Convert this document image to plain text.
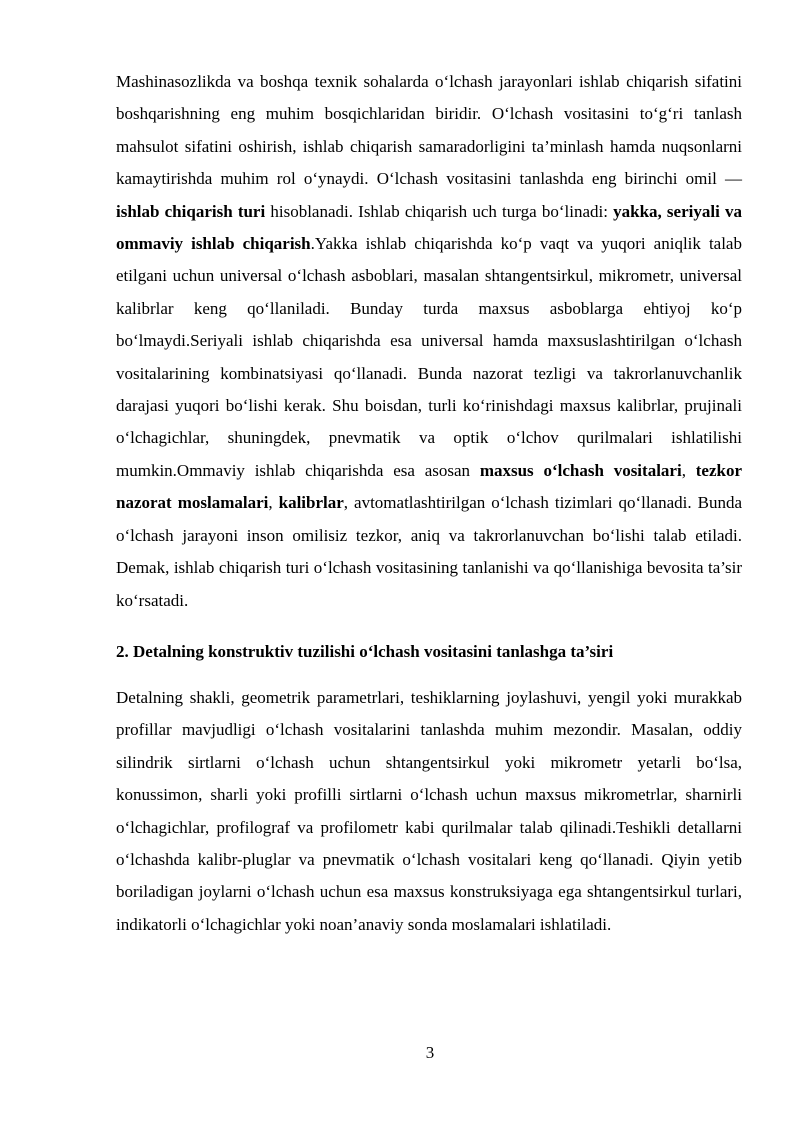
Mashinasozlikda va boshqa texnik sohalarda o‘lchash jarayonlari ishlab chiqarish sifatini boshqarishning eng muhim bosqichlaridan biridir. O‘lchash vositasini to‘g‘ri tanlash mahsulot sifatini oshirish, ishlab chiqarish samaradorligini ta’minlash hamda nuqsonlarni kamaytirishda muhim rol o‘ynaydi. O‘lchash vositasini tanlashda eng birinchi omil — ishlab chiqarish turi hisoblanadi. Ishlab chiqarish uch turga bo‘linadi: yakka, seriyali va ommaviy ishlab chiqarish.Yakka ishlab chiqarishda ko‘p vaqt va yuqori aniqlik talab etilgani uchun universal o‘lchash asboblari, masalan shtangentsirkul, mikrometr, universal kalibrlar keng qo‘llaniladi. Bunday turda maxsus asboblarga ehtiyoj ko‘p bo‘lmaydi.Seriyali ishlab chiqarishda esa universal hamda maxsuslashtirilgan o‘lchash vositalarining kombinatsiyasi qo‘llanadi. Bunda nazorat tezligi va takrorlanuvchanlik darajasi yuqori bo‘lishi kerak. Shu boisdan, turli ko‘rinishdagi maxsus kalibrlar, prujinali o‘lchagichlar, shuningdek, pnevmatik va optik o‘lchov qurilmalari ishlatilishi mumkin.Ommaviy ishlab chiqarishda esa asosan maxsus o‘lchash vositalari, tezkor nazorat moslamalari, kalibrlar, avtomatlashtirilgan o‘lchash tizimlari qo‘llanadi. Bunda o‘lchash jarayoni inson omilisiz tezkor, aniq va takrorlanuvchan bo‘lishi talab etiladi. Demak, ishlab chiqarish turi o‘lchash vositasining tanlanishi va qo‘llanishiga bevosita ta’sir ko‘rsatadi.

2. Detalning konstruktiv tuzilishi o‘lchash vositasini tanlashga ta’siri

Detalning shakli, geometrik parametrlari, teshiklarning joylashuvi, yengil yoki murakkab profillar mavjudligi o‘lchash vositalarini tanlashda muhim mezondir. Masalan, oddiy silindrik sirtlarni o‘lchash uchun shtangentsirkul yoki mikrometr yetarli bo‘lsa, konussimon, sharli yoki profilli sirtlarni o‘lchash uchun maxsus mikrometrlar, sharnirli o‘lchagichlar, profilograf va profilometr kabi qurilmalar talab qilinadi.Teshikli detallarni o‘lchashda kalibr-pluglar va pnevmatik o‘lchash vositalari keng qo‘llanadi. Qiyin yetib boriladigan joylarni o‘lchash uchun esa maxsus konstruksiyaga ega shtangentsirkul turlari, indikatorli o‘lchagichlar yoki noan’anaviy sonda moslamalari ishlatiladi.

3
